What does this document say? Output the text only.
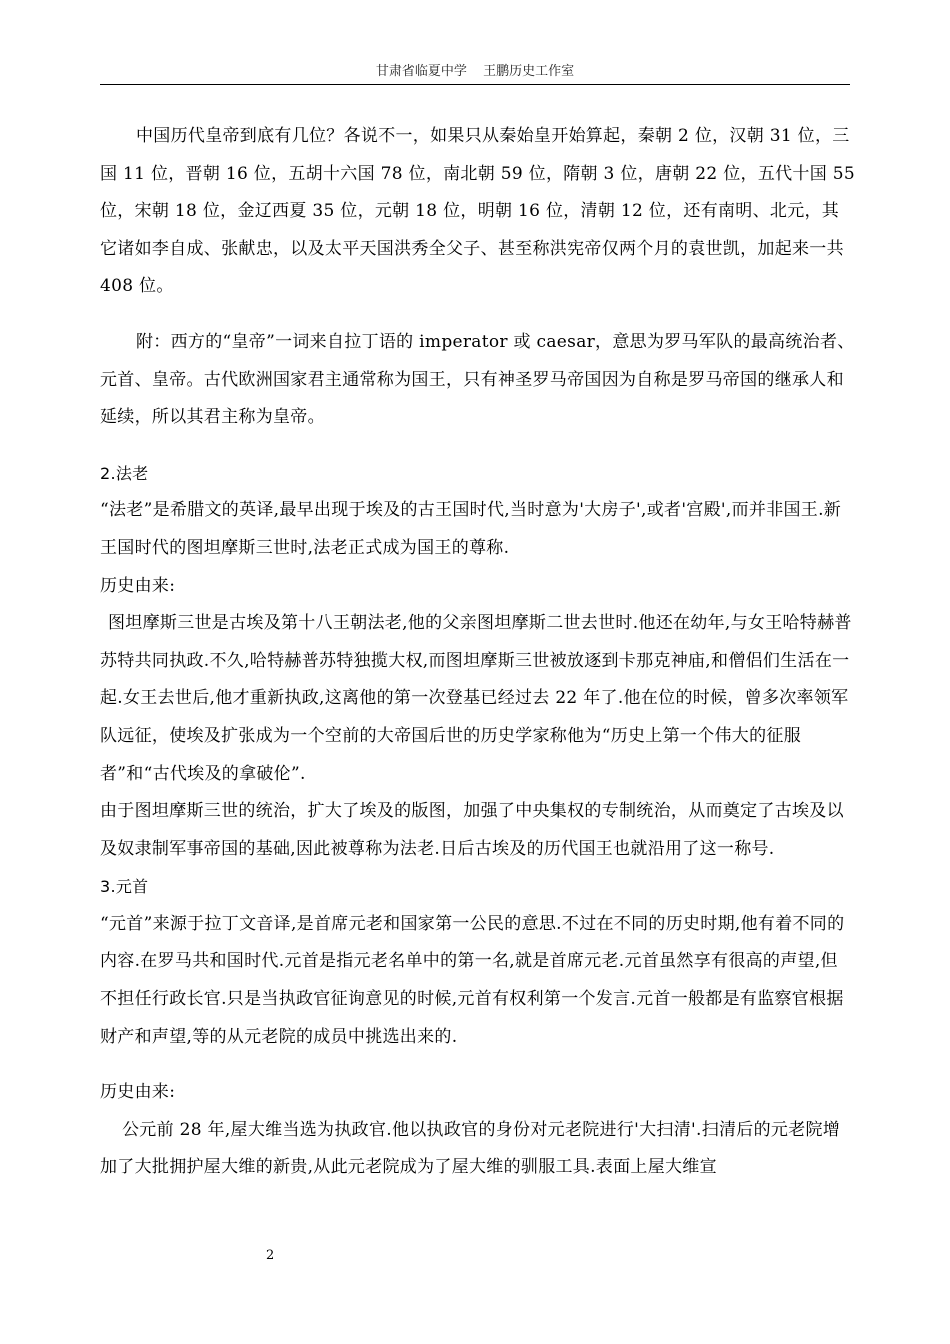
甘肃省临夏中学 王鹏历史工作室

中国历代皇帝到底有几位？各说不一，如果只从秦始皇开始算起，秦朝 2 位，汉朝 31 位，三国 11 位，晋朝 16 位，五胡十六国 78 位，南北朝 59 位，隋朝 3 位，唐朝 22 位，五代十国 55 位，宋朝 18 位，金辽西夏 35 位，元朝 18 位，明朝 16 位，清朝 12 位，还有南明、北元，其它诸如李自成、张献忠，以及太平天国洪秀全父子、甚至称洪宪帝仅两个月的袁世凯，加起来一共 408 位。

附：西方的“皇帝”一词来自拉丁语的 imperator 或 caesar，意思为罗马军队的最高统治者、元首、皇帝。古代欧洲国家君主通常称为国王，只有神圣罗马帝国因为自称是罗马帝国的继承人和延续，所以其君主称为皇帝。

2.法老

“法老”是希腊文的英译,最早出现于埃及的古王国时代,当时意为'大房子',或者'宫殿',而并非国王.新王国时代的图坦摩斯三世时,法老正式成为国王的尊称.

历史由来:

图坦摩斯三世是古埃及第十八王朝法老,他的父亲图坦摩斯二世去世时.他还在幼年,与女王哈特赫普苏特共同执政.不久,哈特赫普苏特独揽大权,而图坦摩斯三世被放逐到卡那克神庙,和僧侣们生活在一起.女王去世后,他才重新执政,这离他的第一次登基已经过去 22 年了.他在位的时候，曾多次率领军队远征，使埃及扩张成为一个空前的大帝国后世的历史学家称他为“历史上第一个伟大的征服者”和“古代埃及的拿破伦”.

由于图坦摩斯三世的统治，扩大了埃及的版图，加强了中央集权的专制统治，从而奠定了古埃及以及奴隶制军事帝国的基础,因此被尊称为法老.日后古埃及的历代国王也就沿用了这一称号.

3.元首

“元首”来源于拉丁文音译,是首席元老和国家第一公民的意思.不过在不同的历史时期,他有着不同的内容.在罗马共和国时代.元首是指元老名单中的第一名,就是首席元老.元首虽然享有很高的声望,但不担任行政长官.只是当执政官征询意见的时候,元首有权利第一个发言.元首一般都是有监察官根据财产和声望,等的从元老院的成员中挑选出来的.

历史由来:

公元前 28 年,屋大维当选为执政官.他以执政官的身份对元老院进行'大扫清'.扫清后的元老院增加了大批拥护屋大维的新贵,从此元老院成为了屋大维的驯服工具.表面上屋大维宣

2
